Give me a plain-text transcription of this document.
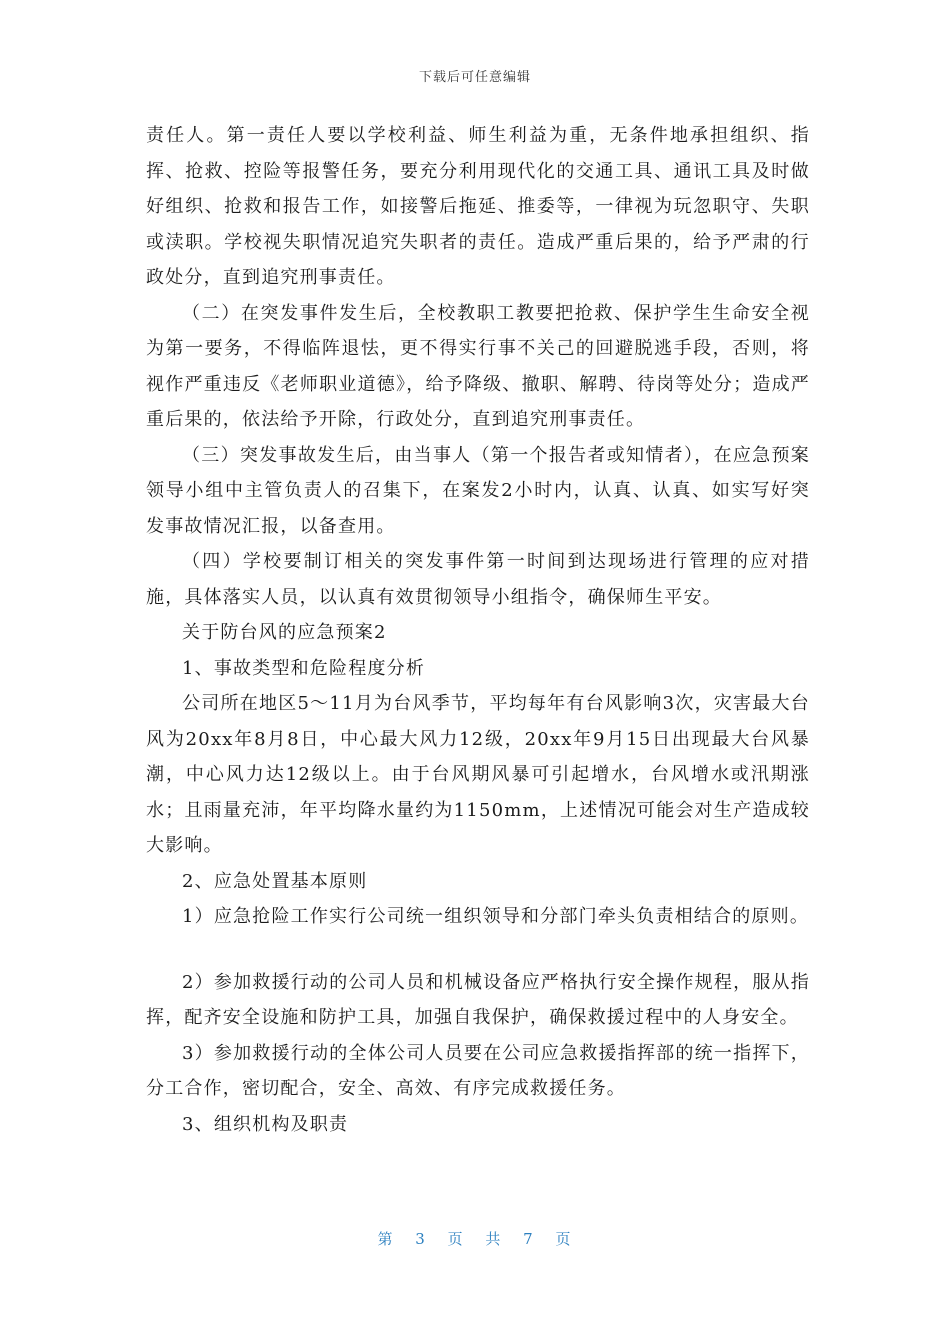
下载后可任意编辑

责任人。第一责任人要以学校利益、师生利益为重，无条件地承担组织、指挥、抢救、控险等报警任务，要充分利用现代化的交通工具、通讯工具及时做好组织、抢救和报告工作，如接警后拖延、推委等，一律视为玩忽职守、失职或渎职。学校视失职情况追究失职者的责任。造成严重后果的，给予严肃的行政处分，直到追究刑事责任。

（二）在突发事件发生后，全校教职工教要把抢救、保护学生生命安全视为第一要务，不得临阵退怯，更不得实行事不关己的回避脱逃手段，否则，将视作严重违反《老师职业道德》，给予降级、撤职、解聘、待岗等处分；造成严重后果的，依法给予开除，行政处分，直到追究刑事责任。

（三）突发事故发生后，由当事人（第一个报告者或知情者），在应急预案领导小组中主管负责人的召集下，在案发2小时内，认真、认真、如实写好突发事故情况汇报，以备查用。

（四）学校要制订相关的突发事件第一时间到达现场进行管理的应对措施，具体落实人员，以认真有效贯彻领导小组指令，确保师生平安。

关于防台风的应急预案2

1、事故类型和危险程度分析

公司所在地区5～11月为台风季节，平均每年有台风影响3次，灾害最大台风为20xx年8月8日，中心最大风力12级，20xx年9月15日出现最大台风暴潮，中心风力达12级以上。由于台风期风暴可引起增水，台风增水或汛期涨水；且雨量充沛，年平均降水量约为1150mm，上述情况可能会对生产造成较大影响。

2、应急处置基本原则

1）应急抢险工作实行公司统一组织领导和分部门牵头负责相结合的原则。

2）参加救援行动的公司人员和机械设备应严格执行安全操作规程，服从指挥，配齐安全设施和防护工具，加强自我保护，确保救援过程中的人身安全。

3）参加救援行动的全体公司人员要在公司应急救援指挥部的统一指挥下，分工合作，密切配合，安全、高效、有序完成救援任务。

3、组织机构及职责

第 3 页 共 7 页
